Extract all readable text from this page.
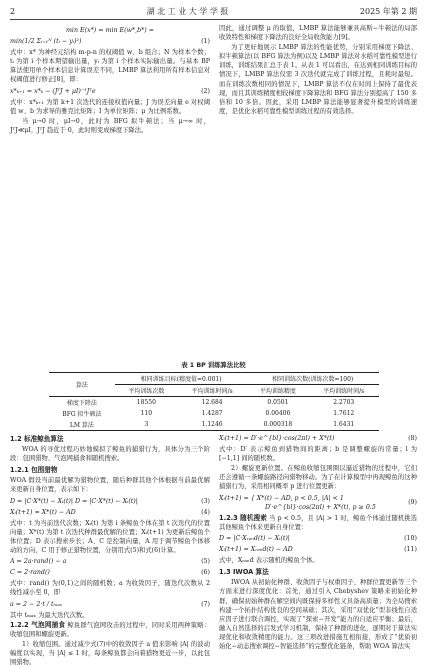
2	湖 北 工 业 大 学 学 报	2025 年第 2 期
min E(x*) = min E(w*,b*) =
min(1/2 Σᵢ₌₁ᴺ (tᵢ − yᵢ)²)	(1)

式中：x* 为神经元结构 m-p-n 的权阈值 w、b 组合；N 为样本个数；tᵢ 为第 i 个样本期望输出量，yᵢ 为第 i 个样本实际输出量。与基本 BP 算法使用单个样本信息计算误差不同，LMBP 算法利用所有样本信息对权阈值进行修正[8]，即：

x*ₖ₊₁ = x*ₖ − (JᵀJ + μI)⁻¹Jᵀe	(2)

式中：x*ₖ₊₁ 为第 k+1 次迭代的连接权值向量；J 为误差向量 e 对权阈值 w、b 为求导的雅克比矩阵；I 为单位矩阵；μ 为比例系数。

当 μ→0 时，μI→0，此时为 BFG 拟牛顿法；当 μ→∞ 时，JᵀJ≪μI，JᵀJ 趋近于 0，此时则变成梯度下降法。

因此，通过调整 μ 的取值，LMBP 算法能够兼具高斯−牛顿法的局部收敛特性和梯度下降法的良好全局收敛能力[9]。

为了更好地展示 LMBP 算法的性能优势，分别采用梯度下降法、拟牛顿算法(以 BFG 算法为例)以及 LMBP 算法对水稻可靠性模型进行训练，训练结果汇总于表 1。从表 1 可以看出，在达到相同训练目标的情况下，LMBP 算法仅需 3 次迭代就完成了训练过程，且耗时最短。而在训练次数相同的情况下，LMBP 算法不仅在时间上保持了最优表现，而且其训练精度相较梯度下降算法和 BFG 算法分别提高了 150 多倍和 10 多倍。因此，采用 LMBP 算法能够显著提升模型的训练速度，是优化水稻可靠性模型训练过程的有效选择。

表 1 BP 训练算法比较
算法	相同训练目标(精度值=0.001)		相同训练次数(训练次数=100)	
	平均训练次数	平均训练时间/s	平均训练精度	平均训练时间/s
梯度下降法	18550	12.684	0.0501	2.2703
BFG 拟牛顿法	110	1.4287	0.00406	1.7612
LM 算法	3	1.1246	0.000318	1.6431
1.2 标准鲸鱼算法

WOA 的寻优过程巧妙地模拟了鲸鱼的捕猎行为，具体分为三个阶段：包围猎物、气泡网捕食和随机搜索。

1.2.1 包围猎物

WOA 假设当前最优解为猎物位置，随后种群其他个体根据当前最优解来更新自身位置，表示如下：

D = |C·X*(t) − Xᵢ(t)| D = |C·X*(t) − Xᵢ(t)|	(3)
Xᵢ(t+1) = X*(t) − AD	(4)

式中：t 为当前迭代次数；Xᵢ(t) 为第 i 条鲸鱼个体在第 t 次迭代的位置向量；X*(t) 为第 t 次迭代种群最优解的位置；Xᵢ(t+1) 为更新后鲸鱼个体位置；D 表示搜索步长；A、C 是控制向量，A 用于调节鲸鱼个体移动的方向，C 用于修正猎物位置，分别用式(5)和式(6)计算。

A = 2a·rand() − a	(5)
C = 2·rand()	(6)

式中：rand() 为(0,1)之间的随机数；a 为收敛因子，随迭代次数从 2 线性减小至 0，即

a = 2 − 2·t / tₘₐₓ	(7)

其中 tₘₐₓ 为最大迭代次数。

1.2.2 气泡网捕食 鲸鱼群气泡网攻击的过程中，同时采用两种策略：收缩包围和螺旋更新。

1）收缩包围。通过减少式(7)中的收敛因子 a 值来影响 |A| 的波动幅度以实现，当 |A| ≤ 1 时，每条鲸鱼都会向着猎物更近一步，以此包围猎物。

Xᵢ(t+1) = D′·e^{bl}·cos(2πl) + X*(t)	(8)

式中：D′ 表示鲸鱼到猎物间的距离；b 是调整螺旋的常量；l 为 [−1,1] 间的随机数。

2）螺旋更新位置。在鲸鱼收缩包围圈以逼近猎物的过程中，它们还会遵循一条螺旋路径向猎物移动。为了在计算模型中再现鲸鱼的这种捕猎行为，采用相同概率 p 进行位置更新：

Xᵢ(t+1) = { X*(t) − AD, p < 0.5, |A| < 1
D′·e^{bl}·cos(2πl) + X*(t), p ≥ 0.5
(9)

1.2.3 随机搜索 当 p < 0.5，且 |A| > 1 时，鲸鱼个体通过随机挑选其他鲸鱼个体来更新自身位置：

D = |C·Xᵣₐₙd(t) − Xᵢ(t)|	(10)
Xᵢ(t+1) = Xᵣₐₙd(t) − AD	(11)

式中，Xᵣₐₙd 表示随机的鲸鱼个体。

1.3 IWOA 算法

IWOA 从初始化种群、收敛因子与权重因子、种群位置更新等三个方面来进行深度优化：首先，通过引入 Chebyshev 策略来初始化种群，确保初始种群在解空间内既保持多样性又具备高质量；为全局搜索构建一个拓扑结构优良的空间基础；其次，采用“双优化”型非线性自适应因子进行联合调控，实现了“探索−开发”能力的自适应平衡；最后，融入自然选择的启发式学习机制，保持了种群的进化，逐期对于算法实现优化和收敛精度的能力。这三项改进措施互相衔接，形成了“优质初始化−动态搜索调控−智能选择”的完整优化链条，帮助 WOA 算法实
